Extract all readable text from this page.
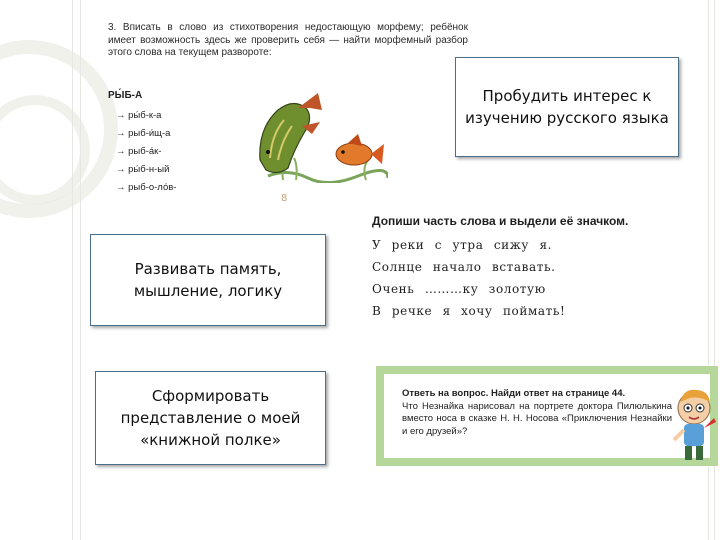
3. Вписать в слово из стихотворения недостающую морфему; ребёнок имеет возможность здесь же проверить себя — найти морфемный разбор этого слова на текущем развороте:

РЫ́Б-А
→ ры́б-к-а
→ рыб-и́щ-а
→ рыб-а́к-
→ ры́б-н-ый
→ рыб-о-ло́в-
8
Пробудить интерес к изучению русского языка
Развивать память, мышление, логику
Сформировать представление о моей «книжной полке»
Допиши часть слова и выдели её значком.
У реки с утра сижу я.
Солнце начало вставать.
Очень ………ку золотую
В речке я хочу поймать!
Ответь на вопрос. Найди ответ на странице 44.
Что Незнайка нарисовал на портрете доктора Пилюлькина вместо носа в сказке Н. Н. Носова «Приключения Незнайки и его друзей»?
